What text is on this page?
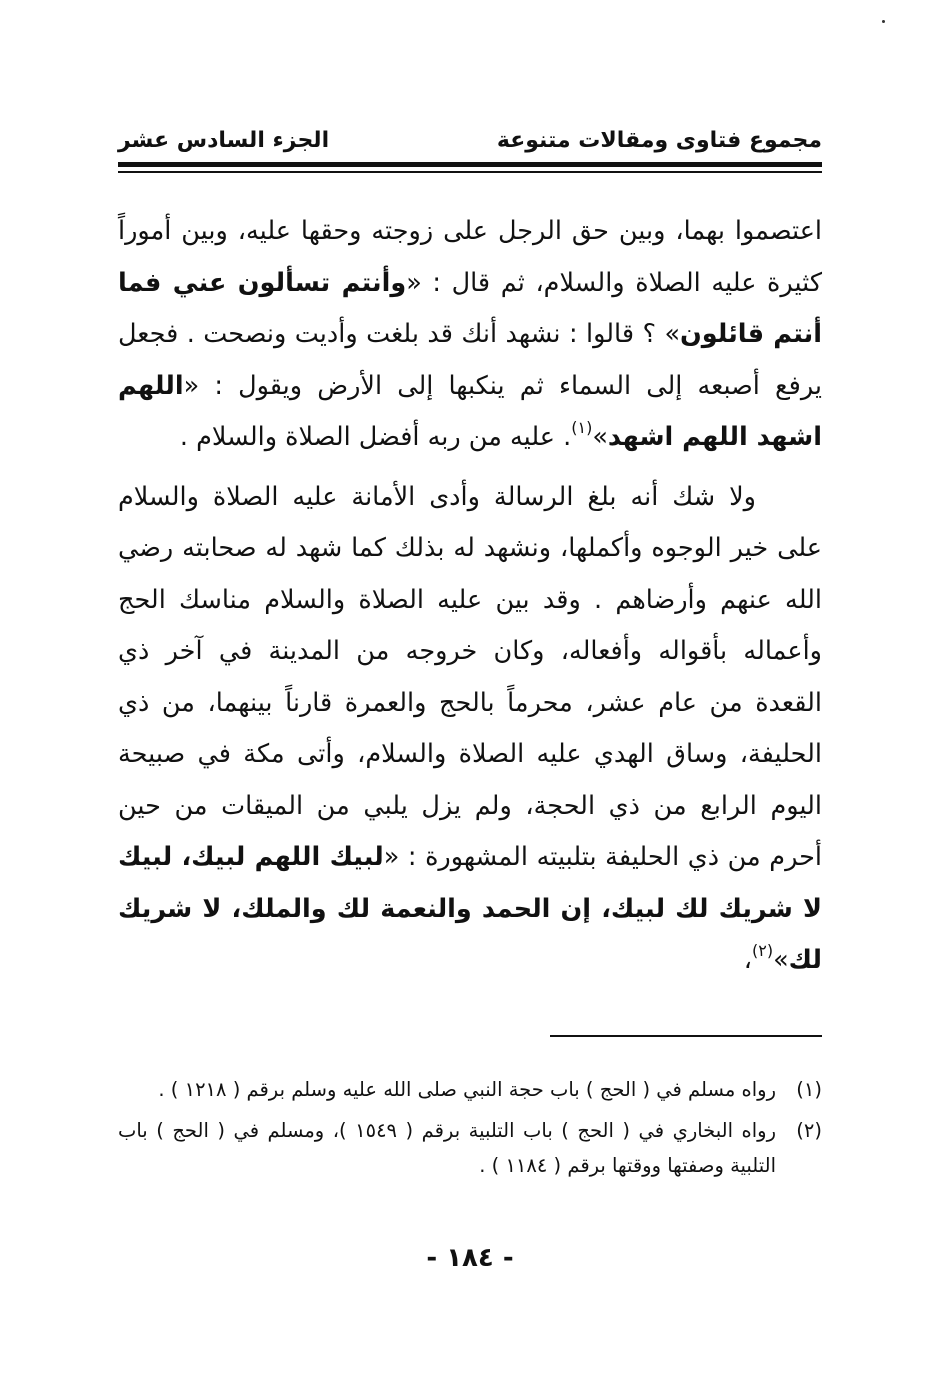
مجموع فتاوى ومقالات متنوعة
الجزء السادس عشر

اعتصموا بهما، وبين حق الرجل على زوجته وحقها عليه، وبين أموراً كثيرة عليه الصلاة والسلام، ثم قال : «وأنتم تسألون عني فما أنتم قائلون» ؟ قالوا : نشهد أنك قد بلغت وأديت ونصحت . فجعل يرفع أصبعه إلى السماء ثم ينكبها إلى الأرض ويقول : «اللهم اشهد اللهم اشهد»$^{(١)}$. عليه من ربه أفضل الصلاة والسلام .

ولا شك أنه بلغ الرسالة وأدى الأمانة عليه الصلاة والسلام على خير الوجوه وأكملها، ونشهد له بذلك كما شهد له صحابته رضي الله عنهم وأرضاهم . وقد بين عليه الصلاة والسلام مناسك الحج وأعماله بأقواله وأفعاله، وكان خروجه من المدينة في آخر ذي القعدة من عام عشر، محرماً بالحج والعمرة قارناً بينهما، من ذي الحليفة، وساق الهدي عليه الصلاة والسلام، وأتى مكة في صبيحة اليوم الرابع من ذي الحجة، ولم يزل يلبي من الميقات من حين أحرم من ذي الحليفة بتلبيته المشهورة : «لبيك اللهم لبيك، لبيك لا شريك لك لبيك، إن الحمد والنعمة لك والملك، لا شريك لك»$^{(٢)}$،

(١)
رواه مسلم في ( الحج ) باب حجة النبي صلى الله عليه وسلم برقم ( ١٢١٨ ) .
(٢)
رواه البخاري في ( الحج ) باب التلبية برقم ( ١٥٤٩ )، ومسلم في ( الحج ) باب التلبية وصفتها ووقتها برقم ( ١١٨٤ ) .
- ١٨٤ -
